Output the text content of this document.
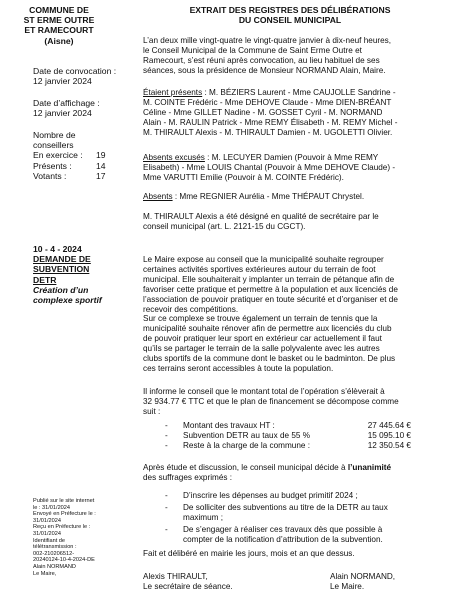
COMMUNE DE
ST ERME OUTRE
ET RAMECOURT
(Aisne)
Date de convocation :
12 janvier 2024
Date d’affichage :
12 janvier 2024
Nombre de
conseillers
En exercice : 19
Présents :	14
Votants :	17
10 - 4 - 2024
DEMANDE DE
SUBVENTION
DETR
Création d’un
complexe sportif
Publié sur le site internet
le : 31/01/2024
Envoyé en Préfecture le :
31/01/2024
Reçu en Préfecture le :
31/01/2024
Identifiant de
télétransmission :
002-210206512-
20240124-10-4-2024-DE
Alain NORMAND
Le Maire,
EXTRAIT DES REGISTRES DES DÉLIBÉRATIONS
DU CONSEIL MUNICIPAL
L’an deux mille vingt-quatre le vingt-quatre janvier à dix-neuf heures,
le Conseil Municipal de la Commune de Saint Erme Outre et
Ramecourt, s’est réuni après convocation, au lieu habituel de ses
séances, sous la présidence de Monsieur NORMAND Alain, Maire.
Étaient présents : M. BÉZIERS Laurent - Mme CAUJOLLE Sandrine -
M. COINTE Frédéric - Mme DEHOVE Claude - Mme DIEN-BRÉANT
Céline - Mme GILLET Nadine - M. GOSSET Cyril - M. NORMAND
Alain - M. RAULIN Patrick - Mme REMY Élisabeth - M. REMY Michel -
M. THIRAULT Alexis - M. THIRAULT Damien - M. UGOLETTI Olivier.
Absents excusés : M. LECUYER Damien (Pouvoir à Mme REMY
Elisabeth) - Mme LOUIS Chantal (Pouvoir à Mme DEHOVE Claude) -
Mme VARUTTI Emilie (Pouvoir à M. COINTE Frédéric).
Absents : Mme REGNIER Aurélia - Mme THÉPAUT Chrystel.
M. THIRAULT Alexis a été désigné en qualité de secrétaire par le
conseil municipal (art. L. 2121-15 du CGCT).
Le Maire expose au conseil que la municipalité souhaite regrouper
certaines activités sportives extérieures autour du terrain de foot
municipal. Elle souhaiterait y implanter un terrain de pétanque afin de
favoriser cette pratique et permettre à la population et aux licenciés de
l’association de pouvoir pratiquer en toute sécurité et d’organiser et de
recevoir des compétitions.
Sur ce complexe se trouve également un terrain de tennis que la
municipalité souhaite rénover afin de permettre aux licenciés du club
de pouvoir pratiquer leur sport en extérieur car actuellement il faut
qu’ils se partager le terrain de la salle polyvalente avec les autres
clubs sportifs de la commune dont le basket ou le badminton. De plus
ces terrains seront accessibles à toute la population.
Il informe le conseil que le montant total de l’opération s’élèverait à
32 934.77 € TTC et que le plan de financement se décompose comme
suit :
- Montant des travaux HT :	27 445.64 €
- Subvention DETR au taux de 55 %	15 095.10 €
- Reste à la charge de la commune :	12 350.54 €
Après étude et discussion, le conseil municipal décide à l’unanimité
des suffrages exprimés :
- D’inscrire les dépenses au budget primitif 2024 ;
- De solliciter des subventions au titre de la DETR au taux
maximum ;
- De s’engager à réaliser ces travaux dès que possible à
compter de la notification d’attribution de la subvention.
Fait et délibéré en mairie les jours, mois et an que dessus.
Alexis THIRAULT,
Le secrétaire de séance.
Alain NORMAND,
Le Maire.
